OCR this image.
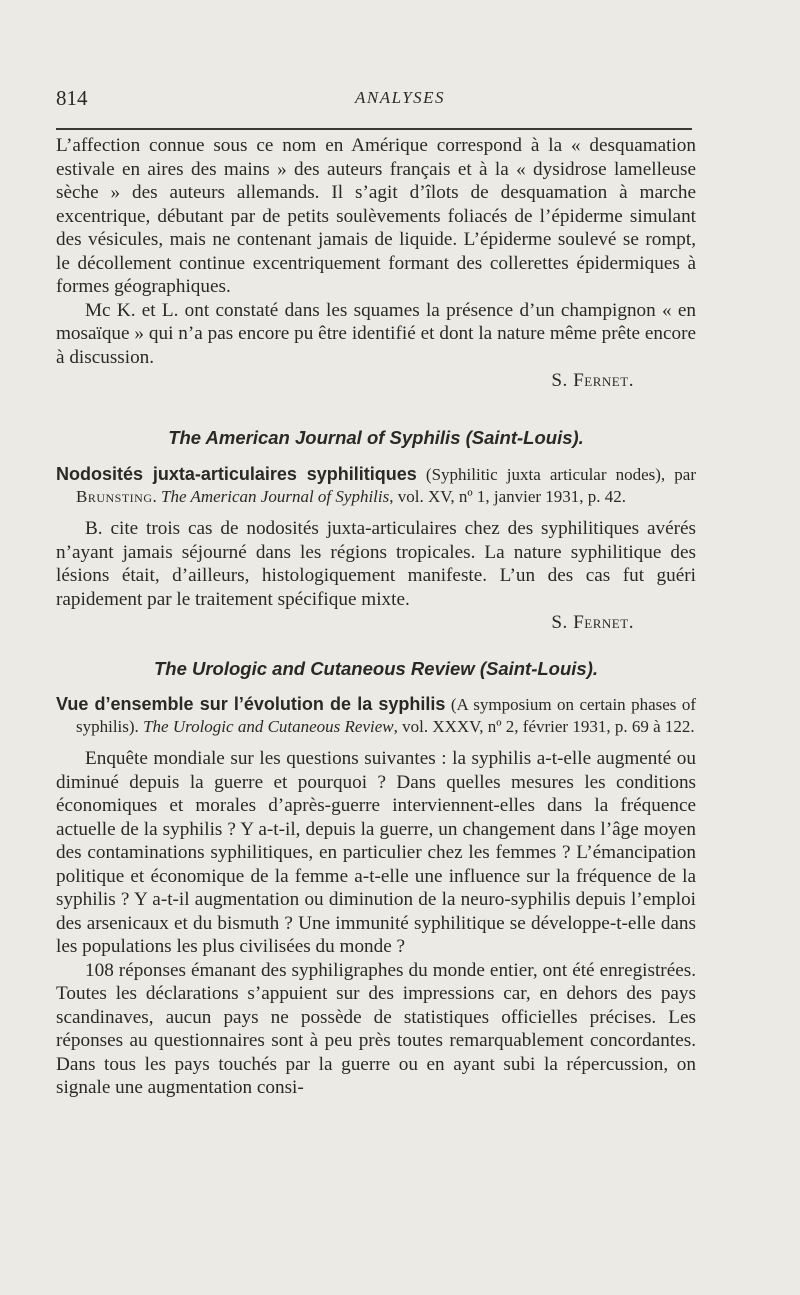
814	ANALYSES

L’affection connue sous ce nom en Amérique correspond à la « desquamation estivale en aires des mains » des auteurs français et à la « dysidrose lamelleuse sèche » des auteurs allemands. Il s’agit d’îlots de desquamation à marche excentrique, débutant par de petits soulèvements foliacés de l’épiderme simulant des vésicules, mais ne contenant jamais de liquide. L’épiderme soulevé se rompt, le décollement continue excentriquement formant des collerettes épidermiques à formes géographiques.

Mc K. et L. ont constaté dans les squames la présence d’un champignon « en mosaïque » qui n’a pas encore pu être identifié et dont la nature même prête encore à discussion.

S. Fernet.

The American Journal of Syphilis (Saint-Louis).

Nodosités juxta-articulaires syphilitiques (Syphilitic juxta articular nodes), par Brunsting. The American Journal of Syphilis, vol. XV, nº 1, janvier 1931, p. 42.

B. cite trois cas de nodosités juxta-articulaires chez des syphilitiques avérés n’ayant jamais séjourné dans les régions tropicales. La nature syphilitique des lésions était, d’ailleurs, histologiquement manifeste. L’un des cas fut guéri rapidement par le traitement spécifique mixte.

S. Fernet.

The Urologic and Cutaneous Review (Saint-Louis).

Vue d’ensemble sur l’évolution de la syphilis (A symposium on certain phases of syphilis). The Urologic and Cutaneous Review, vol. XXXV, nº 2, février 1931, p. 69 à 122.

Enquête mondiale sur les questions suivantes : la syphilis a-t-elle augmenté ou diminué depuis la guerre et pourquoi ? Dans quelles mesures les conditions économiques et morales d’après-guerre interviennent-elles dans la fréquence actuelle de la syphilis ? Y a-t-il, depuis la guerre, un changement dans l’âge moyen des contaminations syphilitiques, en particulier chez les femmes ? L’émancipation politique et économique de la femme a-t-elle une influence sur la fréquence de la syphilis ? Y a-t-il augmentation ou diminution de la neuro-syphilis depuis l’emploi des arsenicaux et du bismuth ? Une immunité syphilitique se développe-t-elle dans les populations les plus civilisées du monde ?

108 réponses émanant des syphiligraphes du monde entier, ont été enregistrées. Toutes les déclarations s’appuient sur des impressions car, en dehors des pays scandinaves, aucun pays ne possède de statistiques officielles précises. Les réponses au questionnaires sont à peu près toutes remarquablement concordantes. Dans tous les pays touchés par la guerre ou en ayant subi la répercussion, on signale une augmentation consi-
